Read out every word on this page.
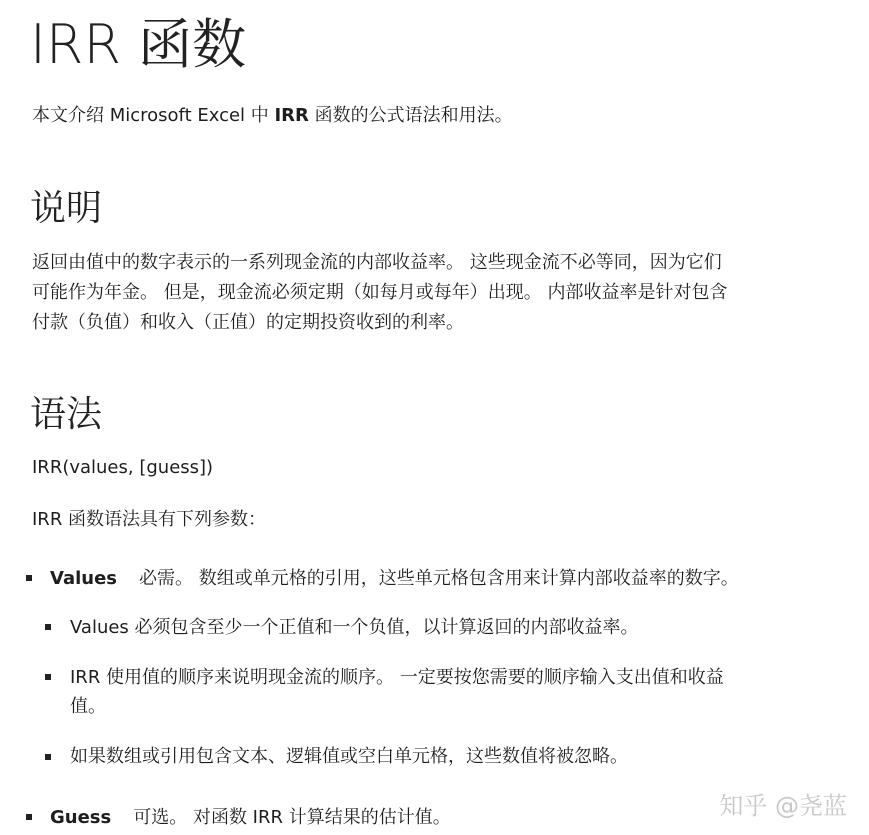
IRR 函数
本文介绍 Microsoft Excel 中 IRR 函数的公式语法和用法。
说明
返回由值中的数字表示的一系列现金流的内部收益率。 这些现金流不必等同，因为它们
可能作为年金。 但是，现金流必须定期（如每月或每年）出现。 内部收益率是针对包含
付款（负值）和收入（正值）的定期投资收到的利率。
语法
IRR(values, [guess])
IRR 函数语法具有下列参数：
Values 必需。 数组或单元格的引用，这些单元格包含用来计算内部收益率的数字。
Values 必须包含至少一个正值和一个负值，以计算返回的内部收益率。
IRR 使用值的顺序来说明现金流的顺序。 一定要按您需要的顺序输入支出值和收益
值。
如果数组或引用包含文本、逻辑值或空白单元格，这些数值将被忽略。
Guess 可选。 对函数 IRR 计算结果的估计值。	知乎 @尧蓝
